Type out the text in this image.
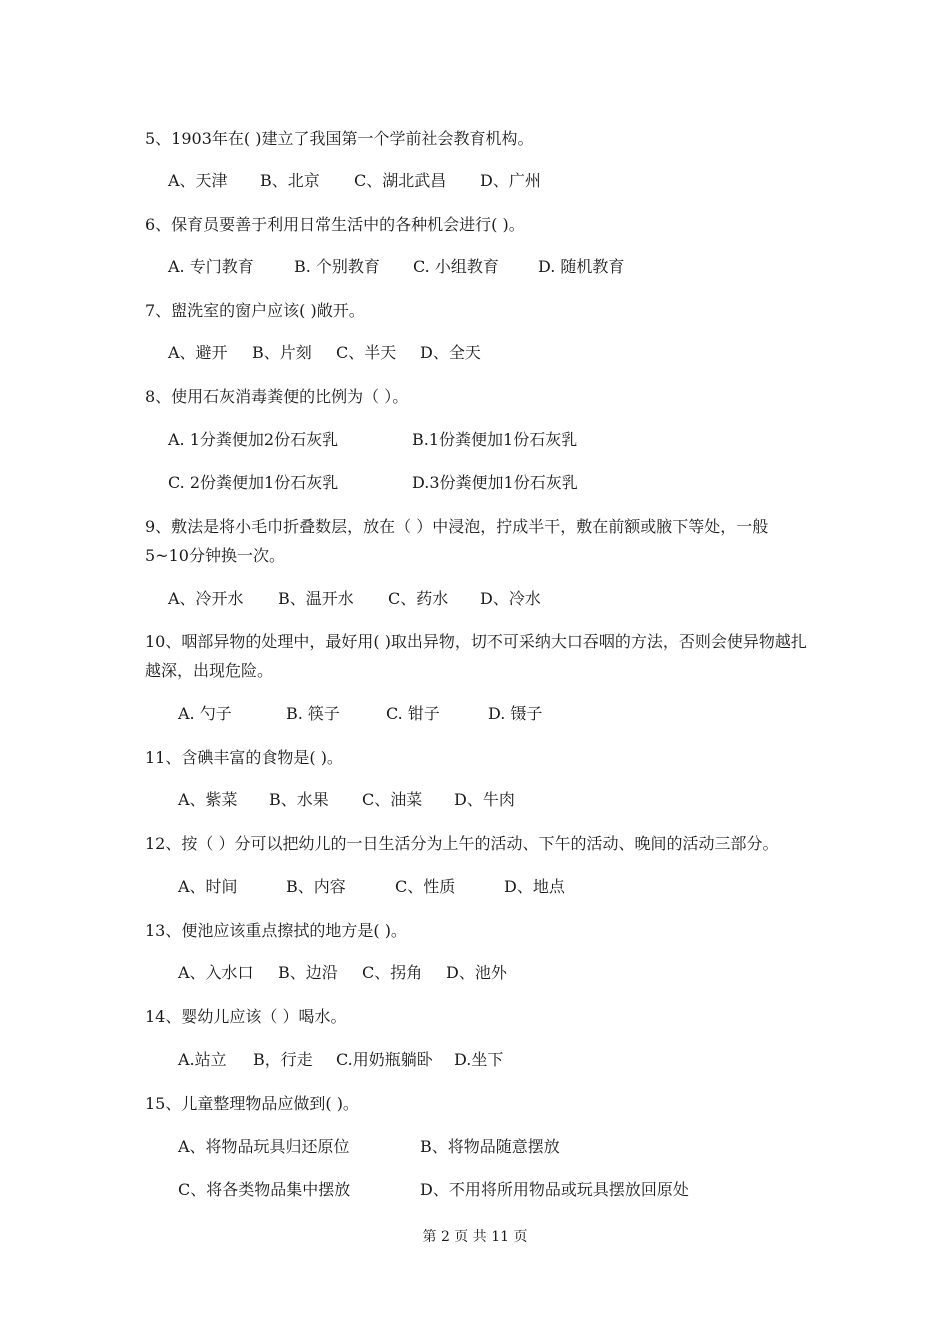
5、1903年在( )建立了我国第一个学前社会教育机构。
A、天津 B、北京 C、湖北武昌 D、广州
6、保育员要善于利用日常生活中的各种机会进行( )。
A. 专门教育	B. 个别教育 C. 小组教育 D. 随机教育
7、盥洗室的窗户应该( )敞开。
A、避开 B、片刻 C、半天 D、全天
8、使用石灰消毒粪便的比例为（ ）。
A. 1分粪便加2份石灰乳	B.1份粪便加1份石灰乳
C. 2份粪便加1份石灰乳	D.3份粪便加1份石灰乳
9、敷法是将小毛巾折叠数层，放在（ ）中浸泡，拧成半干，敷在前额或腋下等处，一般5~10分钟换一次。
A、冷开水 B、温开水 C、药水 D、冷水
10、咽部异物的处理中，最好用( )取出异物，切不可采纳大口吞咽的方法，否则会使异物越扎越深，出现危险。
A. 勺子	B. 筷子	C. 钳子	D. 镊子
11、含碘丰富的食物是( )。
A、紫菜 B、水果 C、油菜 D、牛肉
12、按（ ）分可以把幼儿的一日生活分为上午的活动、下午的活动、晚间的活动三部分。
A、时间	B、内容	C、性质	D、地点
13、便池应该重点擦拭的地方是( )。
A、入水口 B、边沿 C、拐角 D、池外
14、婴幼儿应该（ ）喝水。
A.站立 B，行走 C.用奶瓶躺卧 D.坐下
15、儿童整理物品应做到( )。
A、将物品玩具归还原位	B、将物品随意摆放
C、将各类物品集中摆放	D、不用将所用物品或玩具摆放回原处
第 2 页 共 11 页
